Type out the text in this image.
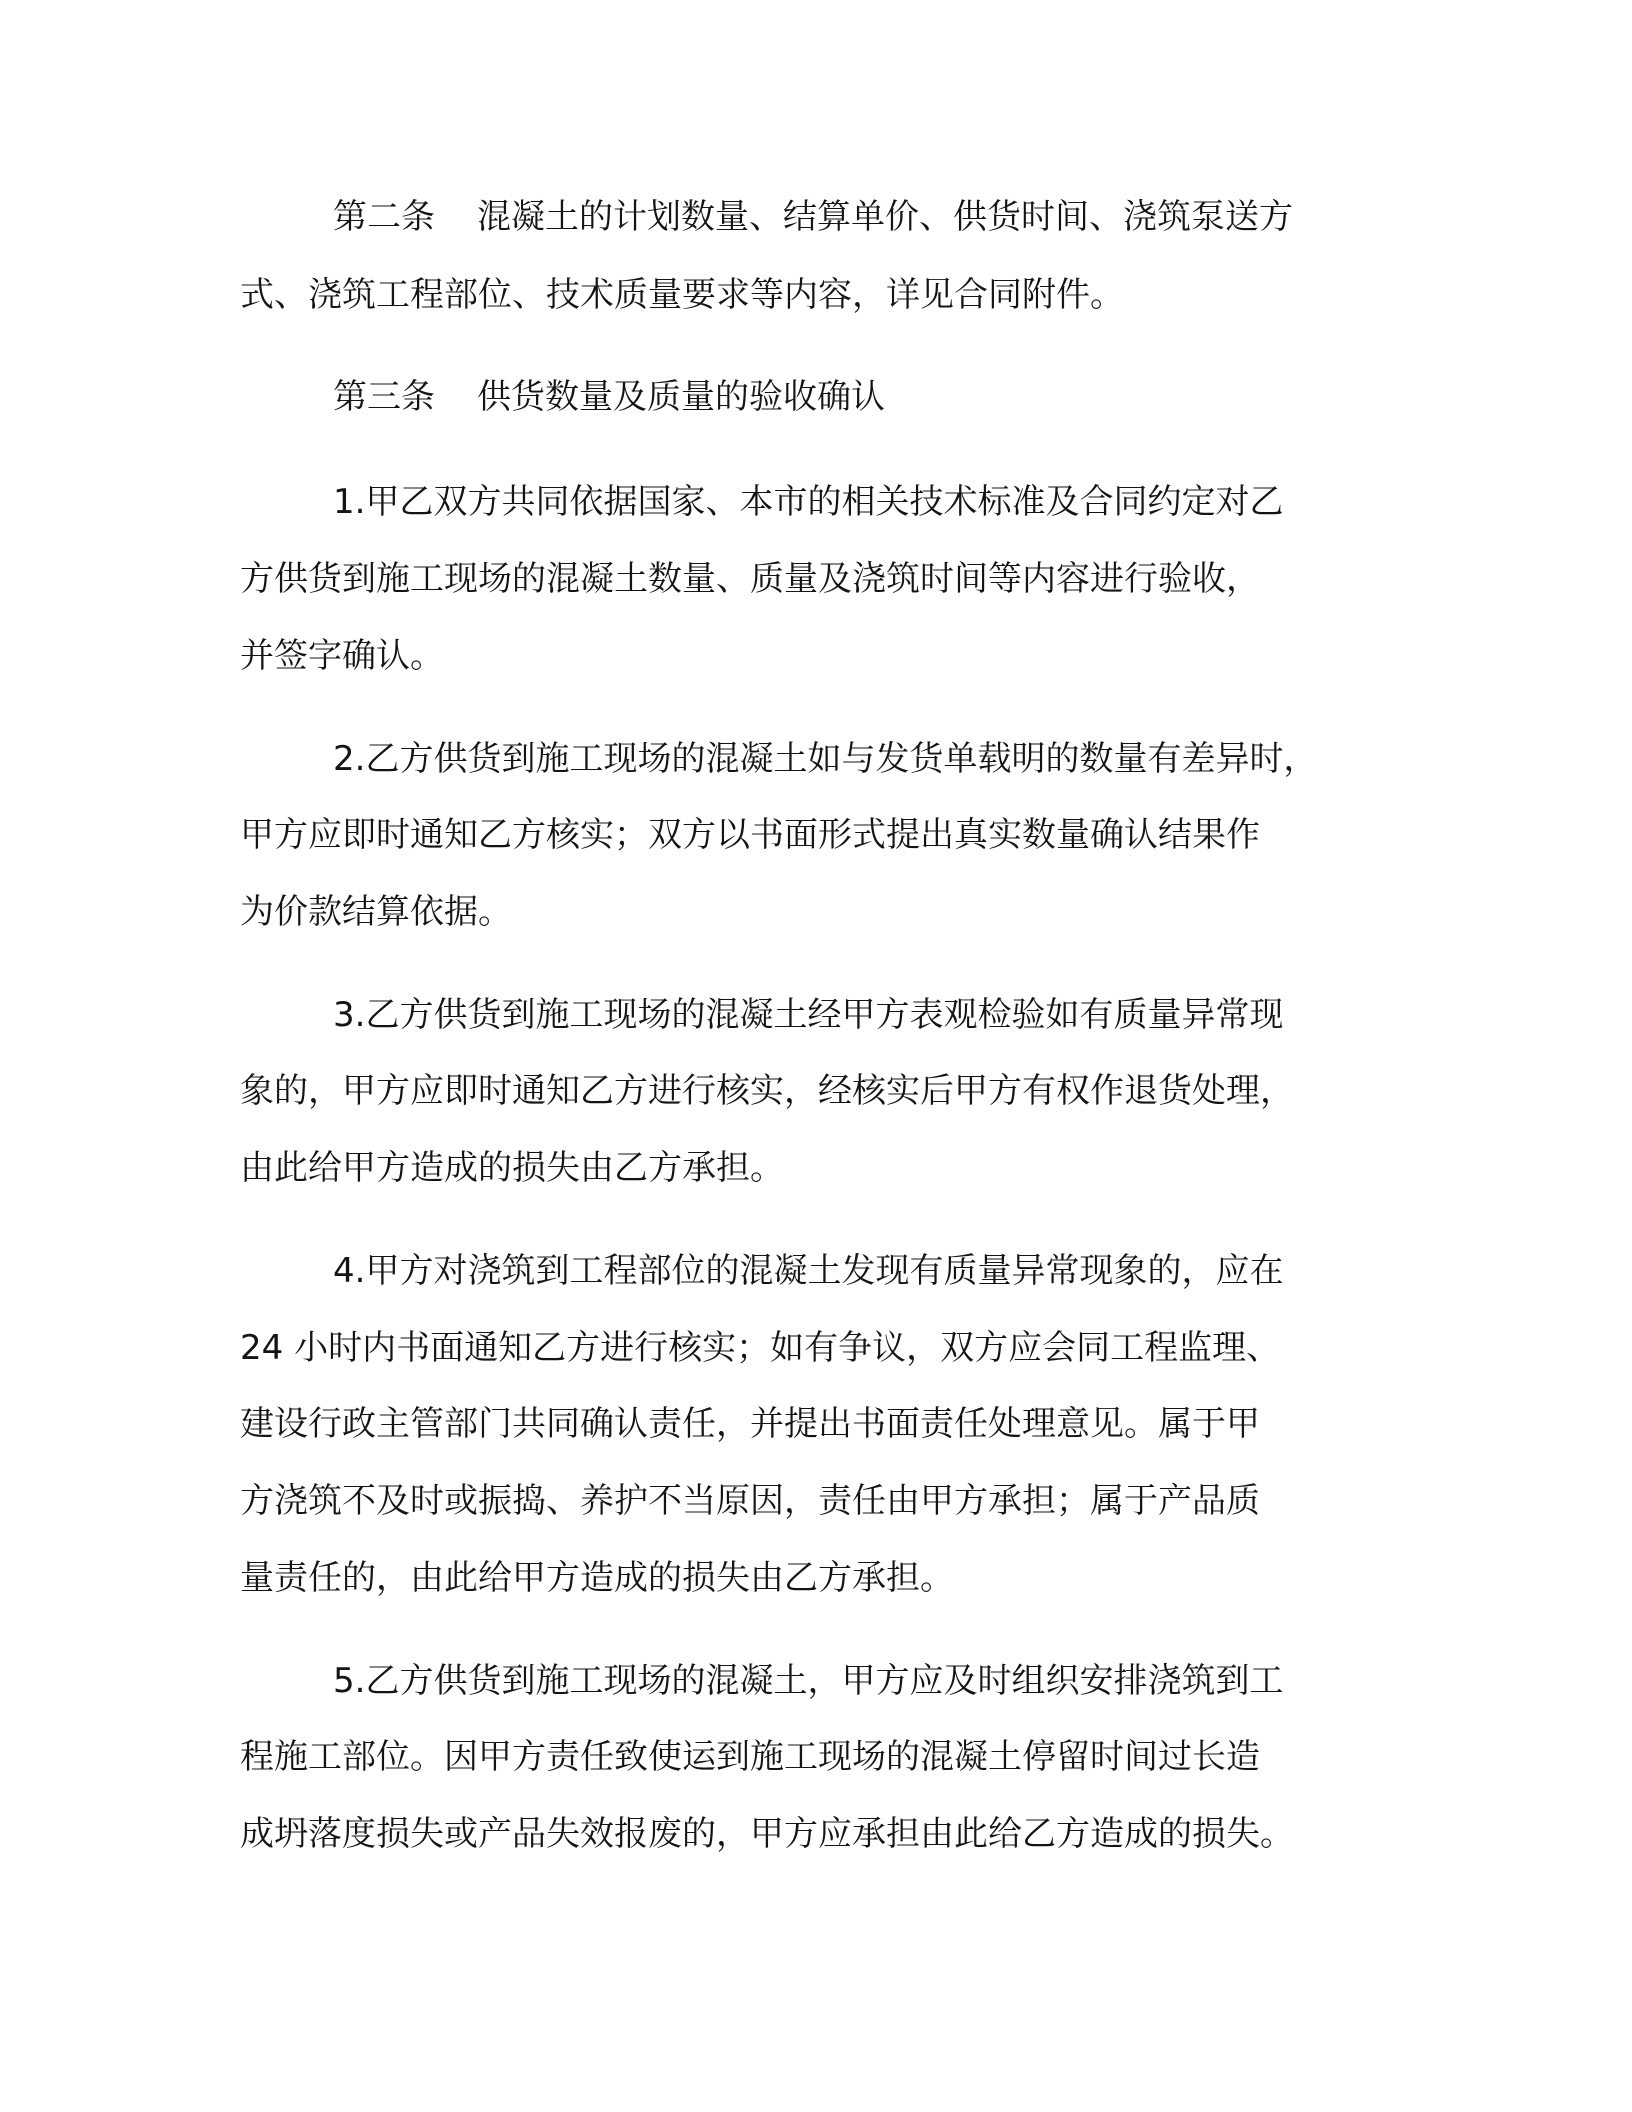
第二条 混凝土的计划数量、结算单价、供货时间、浇筑泵送方

式、浇筑工程部位、技术质量要求等内容，详见合同附件。

第三条 供货数量及质量的验收确认

1.甲乙双方共同依据国家、本市的相关技术标准及合同约定对乙

方供货到施工现场的混凝土数量、质量及浇筑时间等内容进行验收，

并签字确认。

2.乙方供货到施工现场的混凝土如与发货单载明的数量有差异时，

甲方应即时通知乙方核实；双方以书面形式提出真实数量确认结果作

为价款结算依据。

3.乙方供货到施工现场的混凝土经甲方表观检验如有质量异常现

象的，甲方应即时通知乙方进行核实，经核实后甲方有权作退货处理，

由此给甲方造成的损失由乙方承担。

4.甲方对浇筑到工程部位的混凝土发现有质量异常现象的，应在

24 小时内书面通知乙方进行核实；如有争议，双方应会同工程监理、

建设行政主管部门共同确认责任，并提出书面责任处理意见。属于甲

方浇筑不及时或振捣、养护不当原因，责任由甲方承担；属于产品质

量责任的，由此给甲方造成的损失由乙方承担。

5.乙方供货到施工现场的混凝土，甲方应及时组织安排浇筑到工

程施工部位。因甲方责任致使运到施工现场的混凝土停留时间过长造

成坍落度损失或产品失效报废的，甲方应承担由此给乙方造成的损失。
